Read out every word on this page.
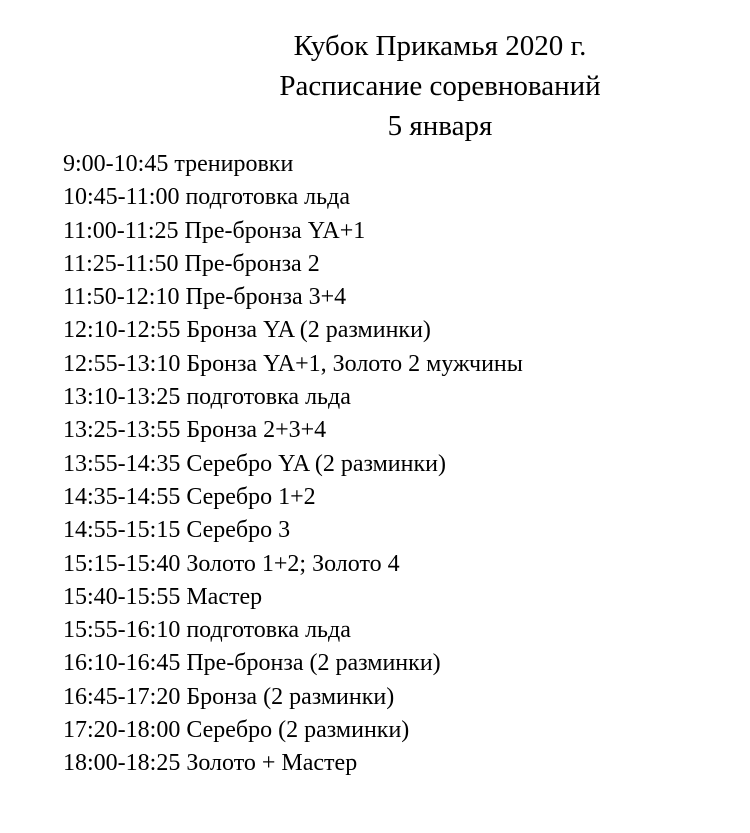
Кубок Прикамья 2020 г.
Расписание соревнований
5 января
9:00-10:45 тренировки
10:45-11:00 подготовка льда
11:00-11:25 Пре-бронза YA+1
11:25-11:50 Пре-бронза 2
11:50-12:10 Пре-бронза 3+4
12:10-12:55 Бронза YA (2 разминки)
12:55-13:10 Бронза YA+1, Золото 2 мужчины
13:10-13:25 подготовка льда
13:25-13:55 Бронза 2+3+4
13:55-14:35 Серебро YA (2 разминки)
14:35-14:55 Серебро 1+2
14:55-15:15 Серебро 3
15:15-15:40 Золото 1+2; Золото 4
15:40-15:55 Мастер
15:55-16:10 подготовка льда
16:10-16:45 Пре-бронза (2 разминки)
16:45-17:20 Бронза (2 разминки)
17:20-18:00 Серебро (2 разминки)
18:00-18:25 Золото + Мастер
